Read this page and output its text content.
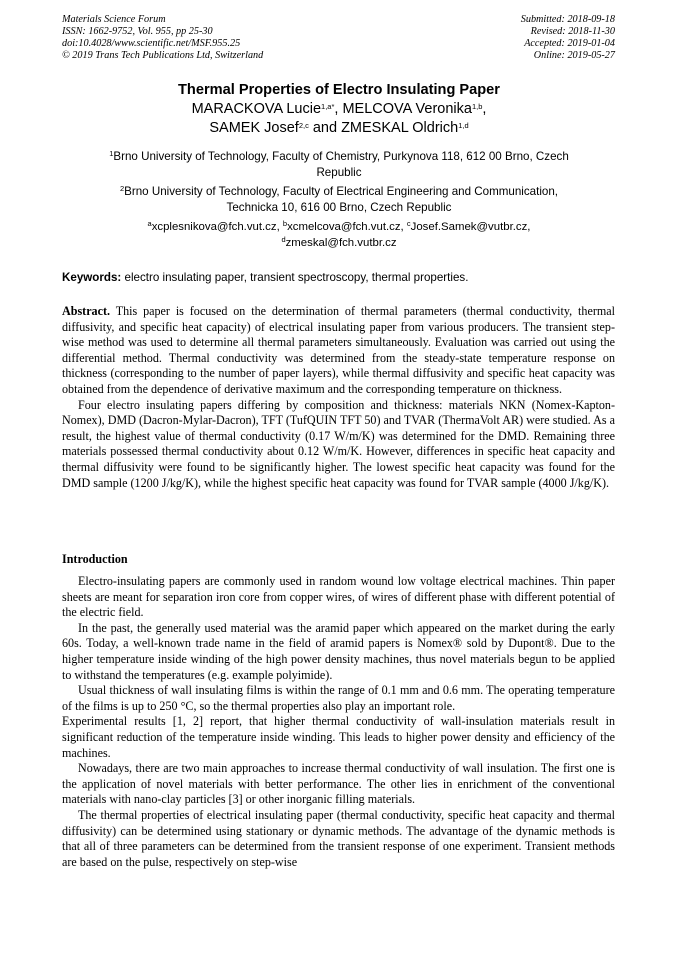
Materials Science Forum
ISSN: 1662-9752, Vol. 955, pp 25-30
doi:10.4028/www.scientific.net/MSF.955.25
© 2019 Trans Tech Publications Ltd, Switzerland
Submitted: 2018-09-18
Revised: 2018-11-30
Accepted: 2019-01-04
Online: 2019-05-27
Thermal Properties of Electro Insulating Paper
MARACKOVA Lucie$^{1,a*}$, MELCOVA Veronika$^{1,b}$,
SAMEK Josef$^{2,c}$ and ZMESKAL Oldrich$^{1,d}$
$^1$Brno University of Technology, Faculty of Chemistry, Purkynova 118, 612 00 Brno, Czech
Republic
$^2$Brno University of Technology, Faculty of Electrical Engineering and Communication,
Technicka 10, 616 00 Brno, Czech Republic
$^a$xcplesnikova@fch.vut.cz, $^b$xcmelcova@fch.vut.cz, $^c$Josef.Samek@vutbr.cz,
$^d$zmeskal@fch.vutbr.cz
Keywords: electro insulating paper, transient spectroscopy, thermal properties.

Abstract. This paper is focused on the determination of thermal parameters (thermal conductivity, thermal diffusivity, and specific heat capacity) of electrical insulating paper from various producers. The transient step-wise method was used to determine all thermal parameters simultaneously. Evaluation was carried out using the differential method. Thermal conductivity was determined from the steady-state temperature response on thickness (corresponding to the number of paper layers), while thermal diffusivity and specific heat capacity was obtained from the dependence of derivative maximum and the corresponding temperature on thickness.

Four electro insulating papers differing by composition and thickness: materials NKN (Nomex-Kapton-Nomex), DMD (Dacron-Mylar-Dacron), TFT (TufQUIN TFT 50) and TVAR (ThermaVolt AR) were studied. As a result, the highest value of thermal conductivity (0.17 W/m/K) was determined for the DMD. Remaining three materials possessed thermal conductivity about 0.12 W/m/K. However, differences in specific heat capacity and thermal diffusivity were found to be significantly higher. The lowest specific heat capacity was found for the DMD sample (1200 J/kg/K), while the highest specific heat capacity was found for TVAR sample (4000 J/kg/K).

Introduction

Electro-insulating papers are commonly used in random wound low voltage electrical machines. Thin paper sheets are meant for separation iron core from copper wires, of wires of different phase with different potential of the electric field.

In the past, the generally used material was the aramid paper which appeared on the market during the early 60s. Today, a well-known trade name in the field of aramid papers is Nomex® sold by Dupont®. Due to the higher temperature inside winding of the high power density machines, thus novel materials begun to be applied to withstand the temperatures (e.g. example polyimide).

Usual thickness of wall insulating films is within the range of 0.1 mm and 0.6 mm. The operating temperature of the films is up to 250 °C, so the thermal properties also play an important role.

Experimental results [1, 2] report, that higher thermal conductivity of wall-insulation materials result in significant reduction of the temperature inside winding. This leads to higher power density and efficiency of the machines.

Nowadays, there are two main approaches to increase thermal conductivity of wall insulation. The first one is the application of novel materials with better performance. The other lies in enrichment of the conventional materials with nano-clay particles [3] or other inorganic filling materials.

The thermal properties of electrical insulating paper (thermal conductivity, specific heat capacity and thermal diffusivity) can be determined using stationary or dynamic methods. The advantage of the dynamic methods is that all of three parameters can be determined from the transient response of one experiment. Transient methods are based on the pulse, respectively on step-wise
